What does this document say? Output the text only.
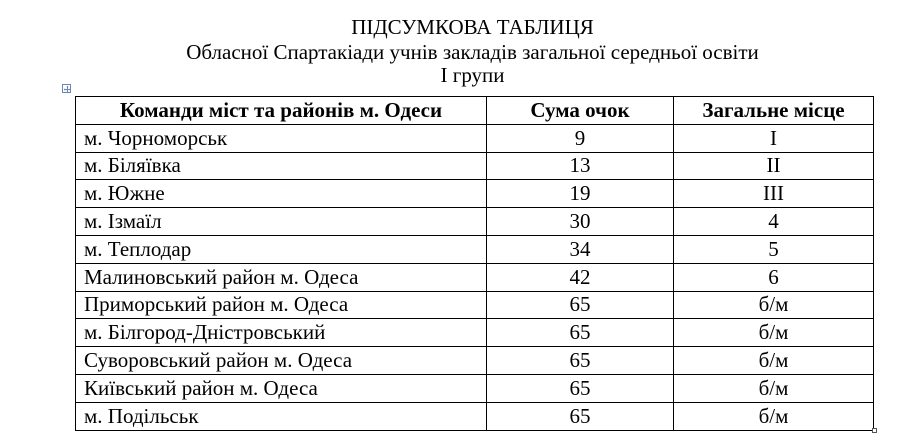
ПІДСУМКОВА ТАБЛИЦЯ
Обласної Спартакіади учнів закладів загальної середньої освіти
І групи
Команди міст та районів м. Одеси	Сума очок	Загальне місце
м. Чорноморськ	9	I
м. Біляївка	13	II
м. Южне	19	III
м. Ізмаїл	30	4
м. Теплодар	34	5
Малиновський район м. Одеса	42	6
Приморський район м. Одеса	65	б/м
м. Білгород-Дністровський	65	б/м
Суворовський район м. Одеса	65	б/м
Київський район м. Одеса	65	б/м
м. Подільськ	65	б/м
